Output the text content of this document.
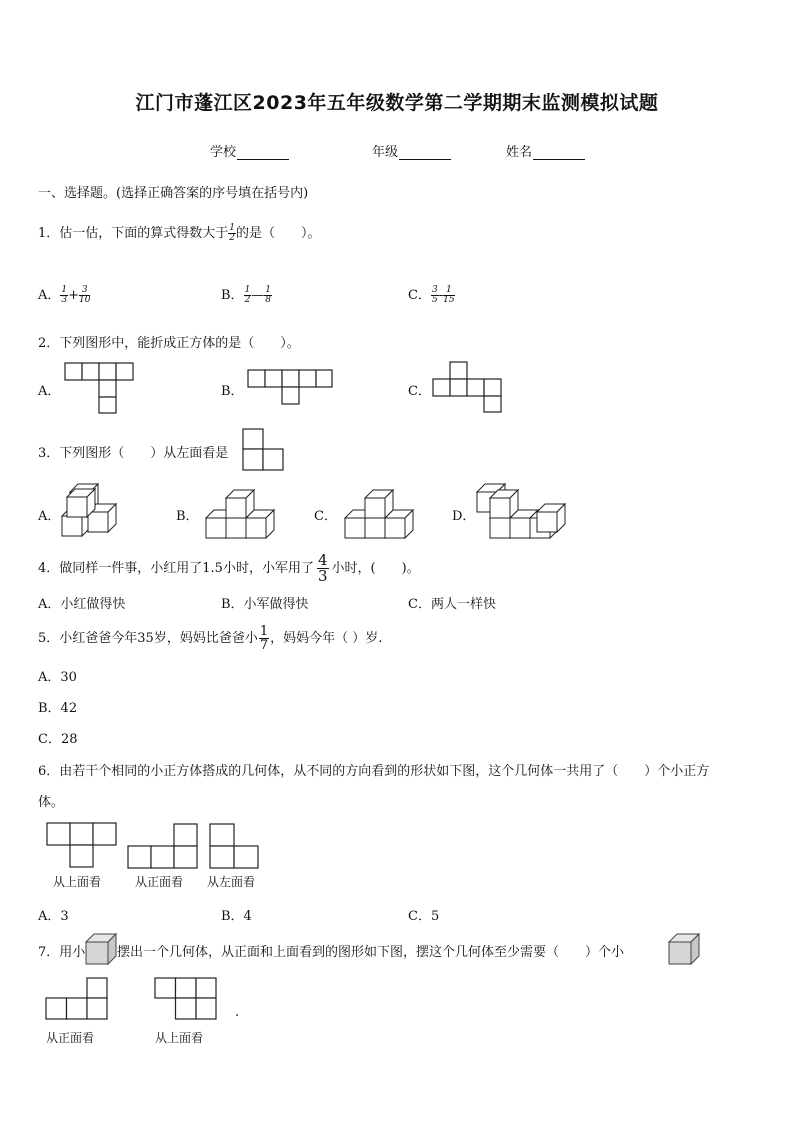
江门市蓬江区2023年五年级数学第二学期期末监测模拟试题
学校	年级	姓名
一、选择题。(选择正确答案的序号填在括号内)
1．估一估，下面的算式得数大于 $\frac{1}{2}$ 的是（　　）。
A． $\frac{1}{3} + \frac{3}{10}$	B． $\frac{1}{2}$ — $\frac{1}{8}$	C． $\frac{3}{5} - \frac{1}{15}$
2．下列图形中，能折成正方体的是（　　）。
A．	B．	C．
3．下列图形（　　）从左面看是
A．	B．	C．	D．
4．做同样一件事，小红用了1.5小时，小军用了 $\frac{4}{3}$ 小时，(　　)。
A．小红做得快	B．小军做得快	C．两人一样快
5．小红爸爸今年35岁，妈妈比爸爸小 $\frac{1}{7}$ ，妈妈今年（ ）岁.
A．30
B．42
C．28
6．由若干个相同的小正方体搭成的几何体，从不同的方向看到的形状如下图，这个几何体一共用了（　　）个小正方
体。
从上面看	从正面看 从左面看
A．3	B．4	C．5
7．用小 摆出一个几何体，从正面和上面看到的图形如下图，摆这个几何体至少需要（　　）个小
.
从正面看	从上面看
